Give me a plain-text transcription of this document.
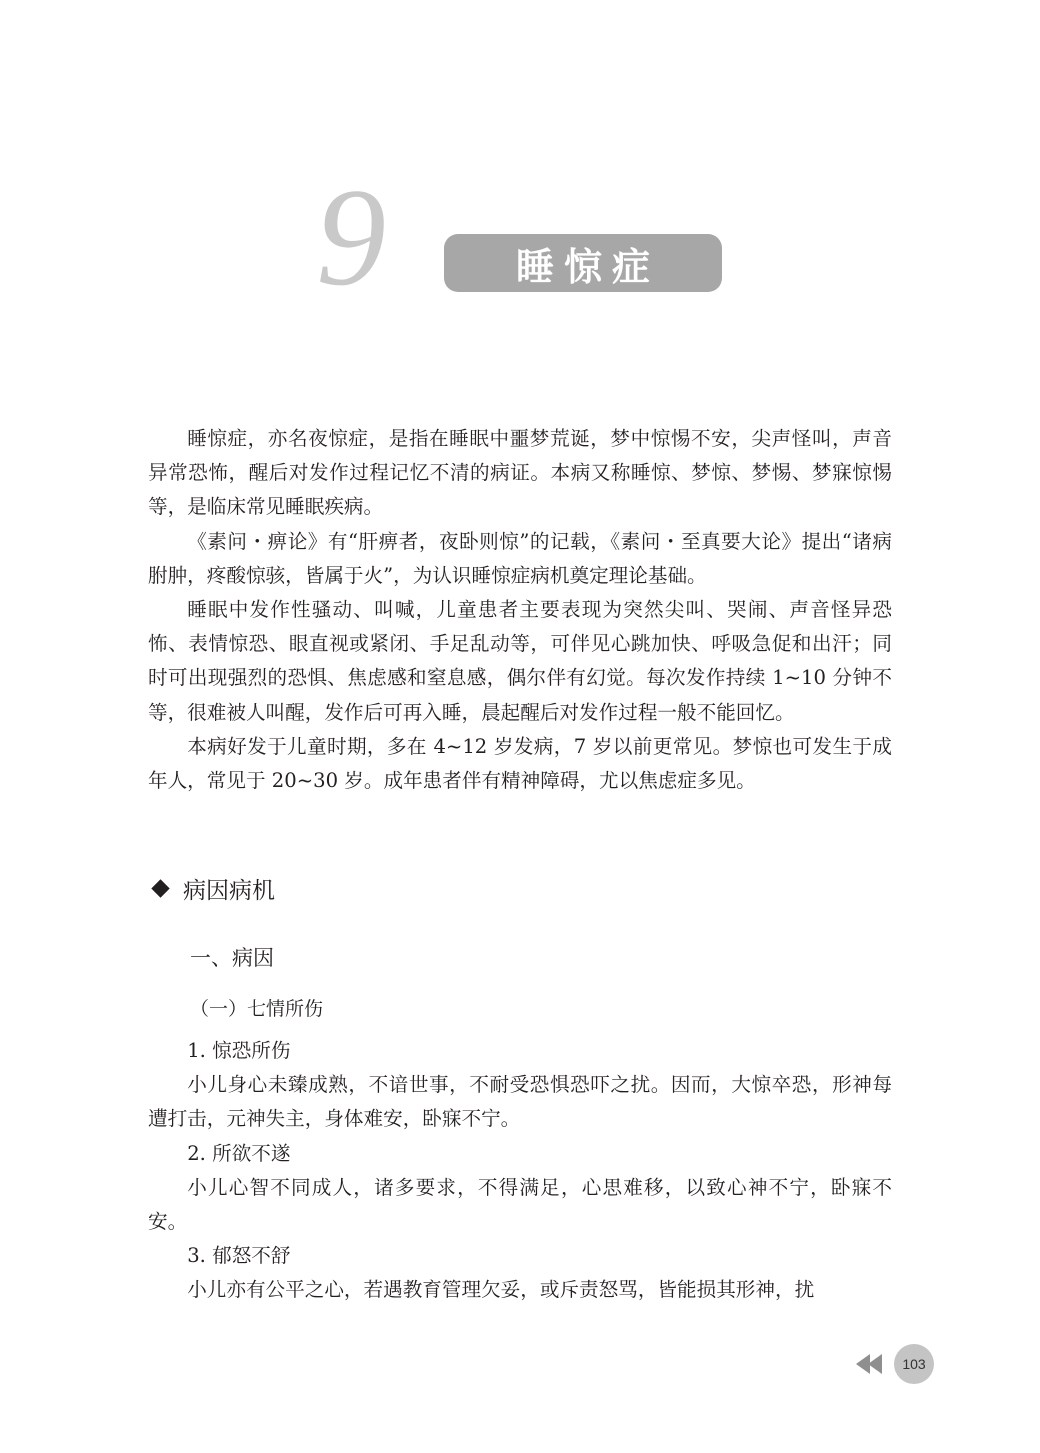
9	睡惊症

睡惊症，亦名夜惊症，是指在睡眠中噩梦荒诞，梦中惊惕不安，尖声怪叫，声音异常恐怖，醒后对发作过程记忆不清的病证。本病又称睡惊、梦惊、梦惕、梦寐惊惕等，是临床常见睡眠疾病。

《素问・痹论》有“肝痹者，夜卧则惊”的记载，《素问・至真要大论》提出“诸病胕肿，疼酸惊骇，皆属于火”，为认识睡惊症病机奠定理论基础。

睡眠中发作性骚动、叫喊，儿童患者主要表现为突然尖叫、哭闹、声音怪异恐怖、表情惊恐、眼直视或紧闭、手足乱动等，可伴见心跳加快、呼吸急促和出汗；同时可出现强烈的恐惧、焦虑感和窒息感，偶尔伴有幻觉。每次发作持续 1~10 分钟不等，很难被人叫醒，发作后可再入睡，晨起醒后对发作过程一般不能回忆。

本病好发于儿童时期，多在 4~12 岁发病，7 岁以前更常见。梦惊也可发生于成年人，常见于 20~30 岁。成年患者伴有精神障碍，尤以焦虑症多见。

病因病机
一、病因
（一）七情所伤

1. 惊恐所伤

小儿身心未臻成熟，不谙世事，不耐受恐惧恐吓之扰。因而，大惊卒恐，形神每遭打击，元神失主，身体难安，卧寐不宁。

2. 所欲不遂

小儿心智不同成人，诸多要求，不得满足，心思难移，以致心神不宁，卧寐不安。

3. 郁怒不舒

小儿亦有公平之心，若遇教育管理欠妥，或斥责怒骂，皆能损其形神，扰

103
